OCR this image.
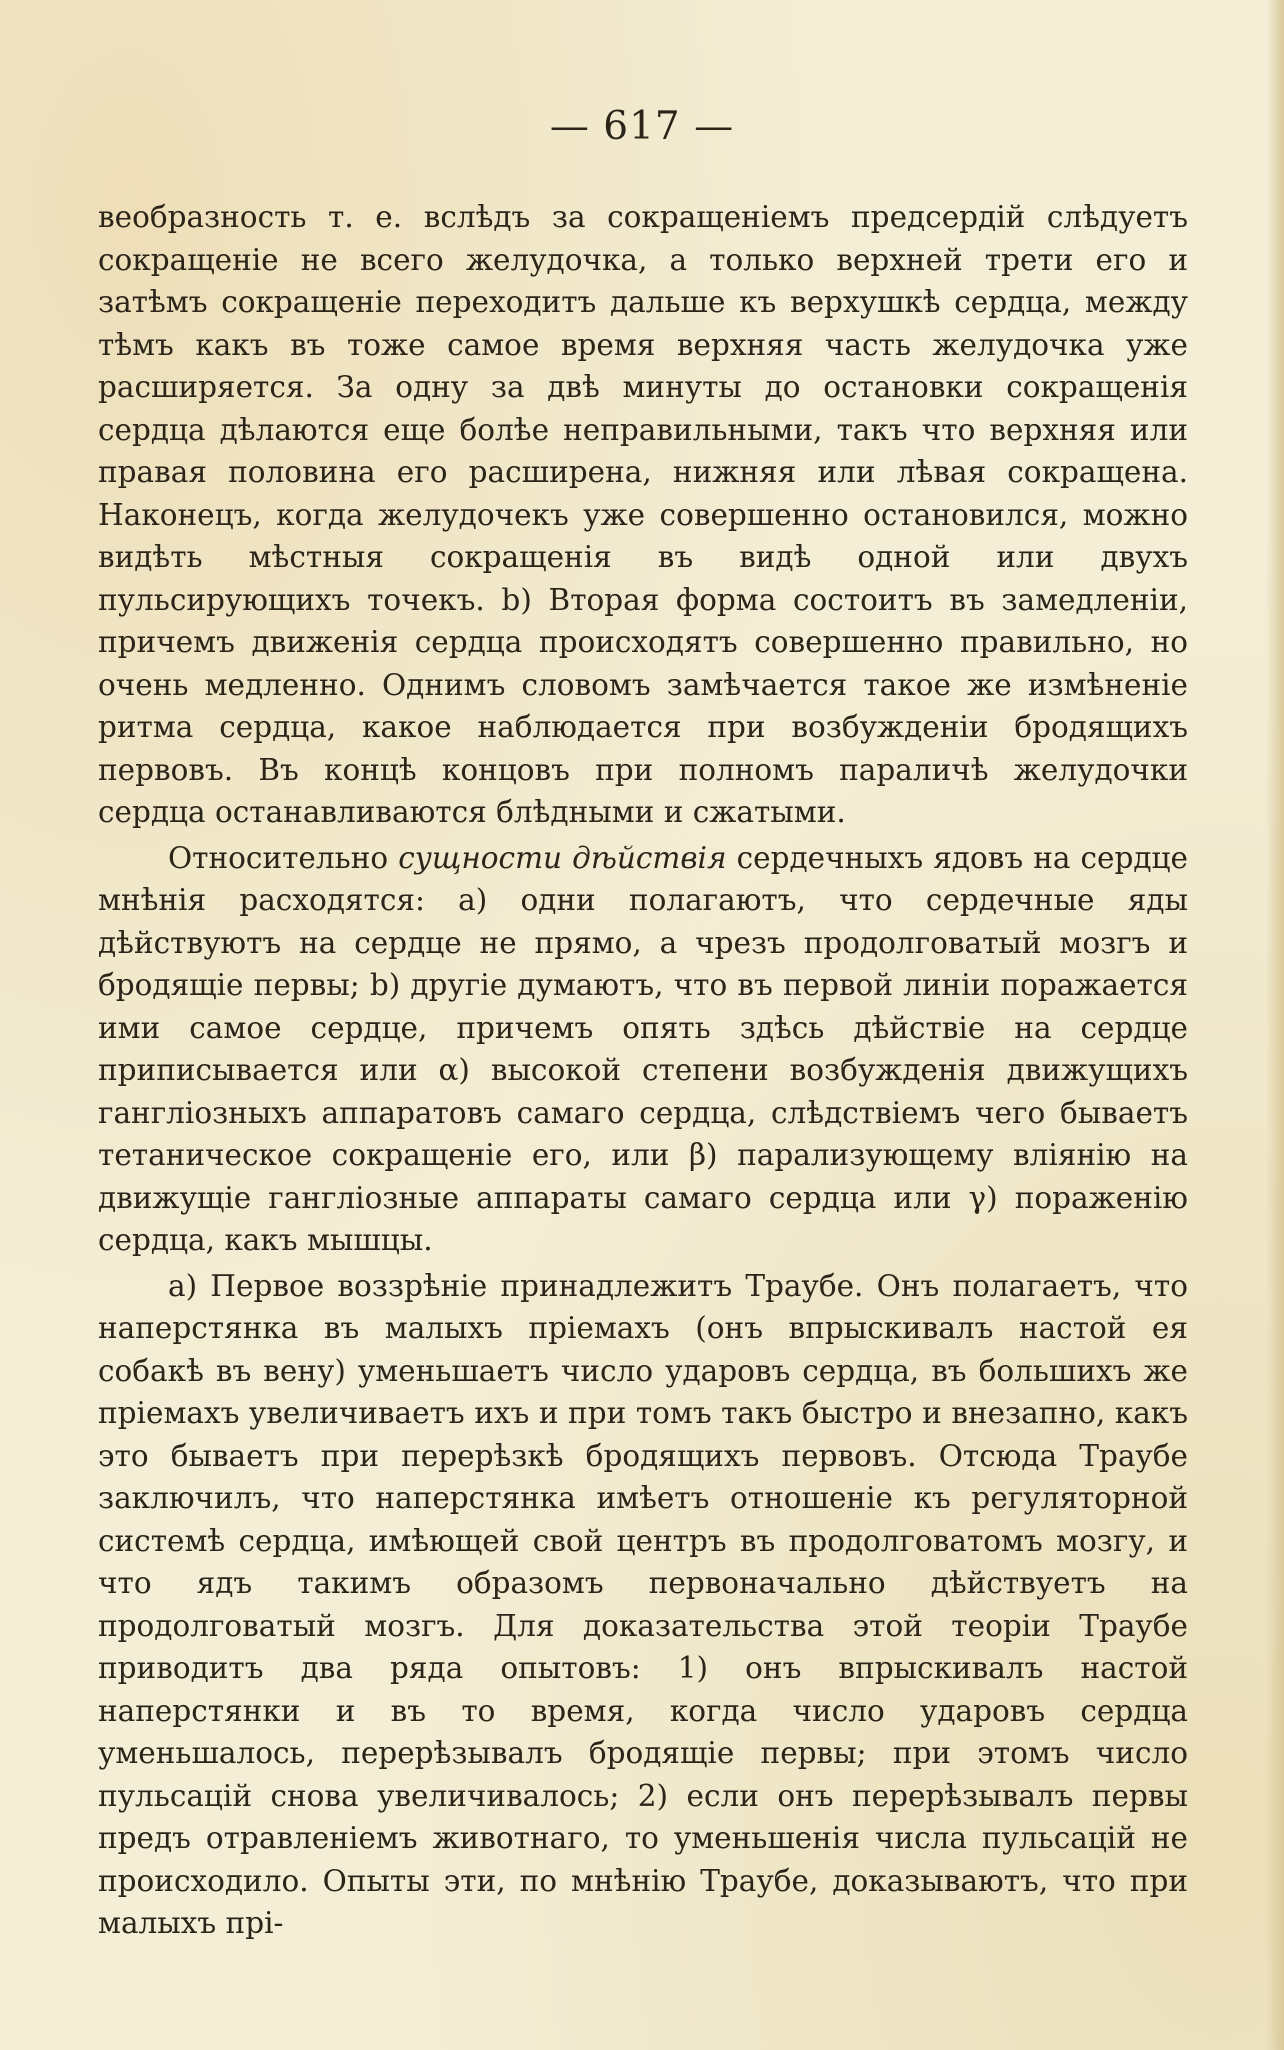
— 617 —

веобразность т. е. вслѣдъ за сокращеніемъ предсердій слѣдуетъ сокращеніе не всего желудочка, а только верхней трети его и затѣмъ сокращеніе переходитъ дальше къ верхушкѣ сердца, между тѣмъ какъ въ тоже самое время верхняя часть желудочка уже расширяется. За одну за двѣ минуты до остановки сокращенія сердца дѣлаются еще болѣе неправильными, такъ что верхняя или правая половина его расширена, нижняя или лѣвая сокращена. Наконецъ, когда желудочекъ уже совершенно остановился, можно видѣть мѣстныя сокращенія въ видѣ одной или двухъ пульсирующихъ точекъ. b) Вторая форма состоитъ въ замедленіи, причемъ движенія сердца происходятъ совершенно правильно, но очень медленно. Однимъ словомъ замѣчается такое же измѣненіе ритма сердца, какое наблюдается при возбужденіи бродящихъ первовъ. Въ концѣ концовъ при полномъ параличѣ желудочки сердца останавливаются блѣдными и сжатыми.

Относительно сущности дѣйствія сердечныхъ ядовъ на сердце мнѣнія расходятся: a) одни полагаютъ, что сердечные яды дѣйствуютъ на сердце не прямо, а чрезъ продолговатый мозгъ и бродящіе первы; b) другіе думаютъ, что въ первой линіи поражается ими самое сердце, причемъ опять здѣсь дѣйствіе на сердце приписывается или α) высокой степени возбужденія движущихъ гангліозныхъ аппаратовъ самаго сердца, слѣдствіемъ чего бываетъ тетаническое сокращеніе его, или β) парализующему вліянію на движущіе гангліозные аппараты самаго сердца или γ) пораженію сердца, какъ мышцы.

a) Первое воззрѣніе принадлежитъ Траубе. Онъ полагаетъ, что наперстянка въ малыхъ пріемахъ (онъ впрыскивалъ настой ея собакѣ въ вену) уменьшаетъ число ударовъ сердца, въ большихъ же пріемахъ увеличиваетъ ихъ и при томъ такъ быстро и внезапно, какъ это бываетъ при перерѣзкѣ бродящихъ первовъ. Отсюда Траубе заключилъ, что наперстянка имѣетъ отношеніе къ регуляторной системѣ сердца, имѣющей свой центръ въ продолговатомъ мозгу, и что ядъ такимъ образомъ первоначально дѣйствуетъ на продолговатый мозгъ. Для доказательства этой теоріи Траубе приводитъ два ряда опытовъ: 1) онъ впрыскивалъ настой наперстянки и въ то время, когда число ударовъ сердца уменьшалось, перерѣзывалъ бродящіе первы; при этомъ число пульсацій снова увеличивалось; 2) если онъ перерѣзывалъ первы предъ отравленіемъ животнаго, то уменьшенія числа пульсацій не происходило. Опыты эти, по мнѣнію Траубе, доказываютъ, что при малыхъ прі-
